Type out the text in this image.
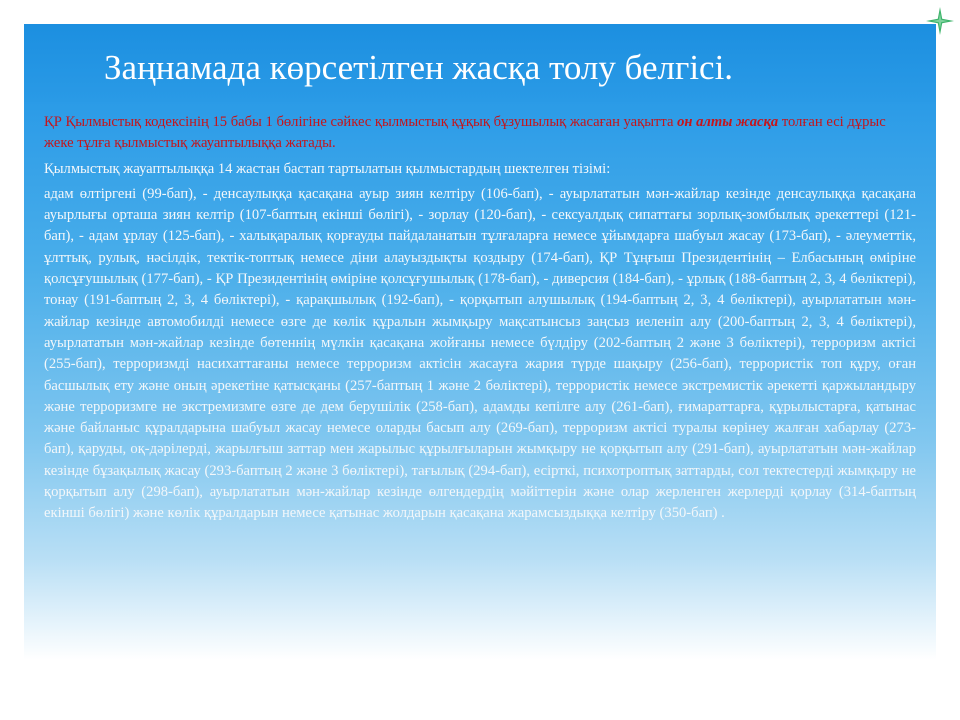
Заңнамада көрсетілген жасқа толу белгісі.

ҚР Қылмыстық кодексінің 15 бабы 1 бөлігіне сәйкес қылмыстық құқық бұзушылық жасаған уақытта он алты жасқа толған есі дұрыс жеке тұлға қылмыстық жауаптылыққа жатады.

Қылмыстық жауаптылыққа 14 жастан бастап тартылатын қылмыстардың шектелген тізімі:

адам өлтіргені (99-бап), - денсаулыққа қасақана ауыр зиян келтіру (106-бап), - ауырлататын мән-жайлар кезінде денсаулыққа қасақана ауырлығы орташа зиян келтір (107-баптың екінші бөлігі), - зорлау (120-бап), - сексуалдық сипаттағы зорлық-зомбылық әрекеттері (121-бап), - адам ұрлау (125-бап), - халықаралық қорғауды пайдаланатын тұлғаларға немесе ұйымдарға шабуыл жасау (173-бап), - әлеуметтік, ұлттық, рулық, нәсілдік, тектік-топтық немесе діни алауыздықты қоздыру (174-бап), ҚР Тұңғыш Президентінің – Елбасының өміріне қолсұғушылық (177-бап), - ҚР Президентінің өміріне қолсұғушылық (178-бап), - диверсия (184-бап), - ұрлық (188-баптың 2, 3, 4 бөліктері), тонау (191-баптың 2, 3, 4 бөліктері), - қарақшылық (192-бап), - қорқытып алушылық (194-баптың 2, 3, 4 бөліктері), ауырлататын мән-жайлар кезінде автомобилді немесе өзге де көлік құралын жымқыру мақсатынсыз заңсыз иеленіп алу (200-баптың 2, 3, 4 бөліктері), ауырлататын мән-жайлар кезінде бөтеннің мүлкін қасақана жойғаны немесе бүлдіру (202-баптың 2 және 3 бөліктері), терроризм актісі (255-бап), терроризмді насихаттағаны немесе терроризм актісін жасауға жария түрде шақыру (256-бап), террористік топ құру, оған басшылық ету және оның әрекетіне қатысқаны (257-баптың 1 және 2 бөліктері), террористік немесе экстремистік әрекетті қаржыландыру және терроризмге не экстремизмге өзге де дем берушілік (258-бап), адамды кепілге алу (261-бап), ғимараттарға, құрылыстарға, қатынас және байланыс құралдарына шабуыл жасау немесе оларды басып алу (269-бап), терроризм актісі туралы көрінеу жалған хабарлау (273-бап), қаруды, оқ-дәрілерді, жарылғыш заттар мен жарылыс құрылғыларын жымқыру не қорқытып алу (291-бап), ауырлататын мән-жайлар кезінде бұзақылық жасау (293-баптың 2 және 3 бөліктері), тағылық (294-бап), есірткі, психотроптық заттарды, сол тектестерді жымқыру не қорқытып алу (298-бап), ауырлататын мән-жайлар кезінде өлгендердің мәйіттерін және олар жерленген жерлерді қорлау (314-баптың екінші бөлігі) және көлік құралдарын немесе қатынас жолдарын қасақана жарамсыздыққа келтіру (350-бап) .
